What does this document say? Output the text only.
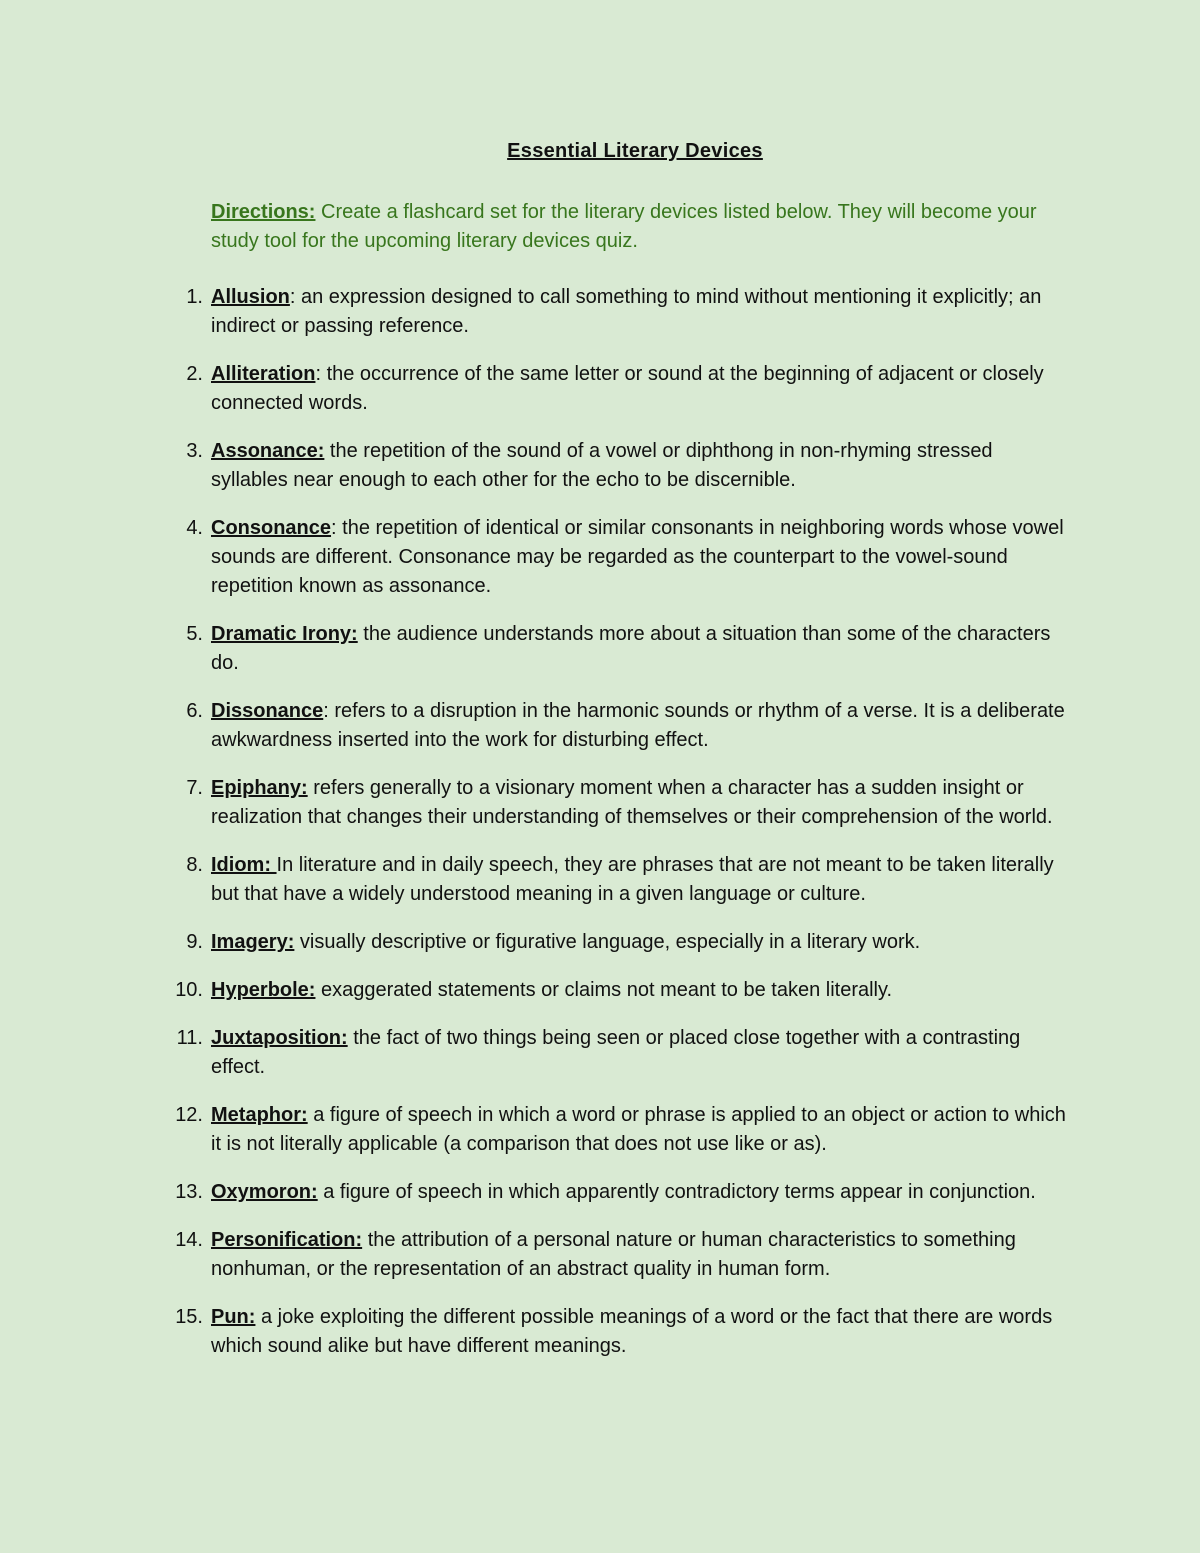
Essential Literary Devices
Directions: Create a flashcard set for the literary devices listed below. They will become your study tool for the upcoming literary devices quiz.
1. Allusion: an expression designed to call something to mind without mentioning it explicitly; an indirect or passing reference.
2. Alliteration: the occurrence of the same letter or sound at the beginning of adjacent or closely connected words.
3. Assonance: the repetition of the sound of a vowel or diphthong in non-rhyming stressed syllables near enough to each other for the echo to be discernible.
4. Consonance: the repetition of identical or similar consonants in neighboring words whose vowel sounds are different. Consonance may be regarded as the counterpart to the vowel-sound repetition known as assonance.
5. Dramatic Irony: the audience understands more about a situation than some of the characters do.
6. Dissonance: refers to a disruption in the harmonic sounds or rhythm of a verse. It is a deliberate awkwardness inserted into the work for disturbing effect.
7. Epiphany: refers generally to a visionary moment when a character has a sudden insight or realization that changes their understanding of themselves or their comprehension of the world.
8. Idiom: In literature and in daily speech, they are phrases that are not meant to be taken literally but that have a widely understood meaning in a given language or culture.
9. Imagery: visually descriptive or figurative language, especially in a literary work.
10. Hyperbole: exaggerated statements or claims not meant to be taken literally.
11. Juxtaposition: the fact of two things being seen or placed close together with a contrasting effect.
12. Metaphor: a figure of speech in which a word or phrase is applied to an object or action to which it is not literally applicable (a comparison that does not use like or as).
13. Oxymoron: a figure of speech in which apparently contradictory terms appear in conjunction.
14. Personification: the attribution of a personal nature or human characteristics to something nonhuman, or the representation of an abstract quality in human form.
15. Pun: a joke exploiting the different possible meanings of a word or the fact that there are words which sound alike but have different meanings.
